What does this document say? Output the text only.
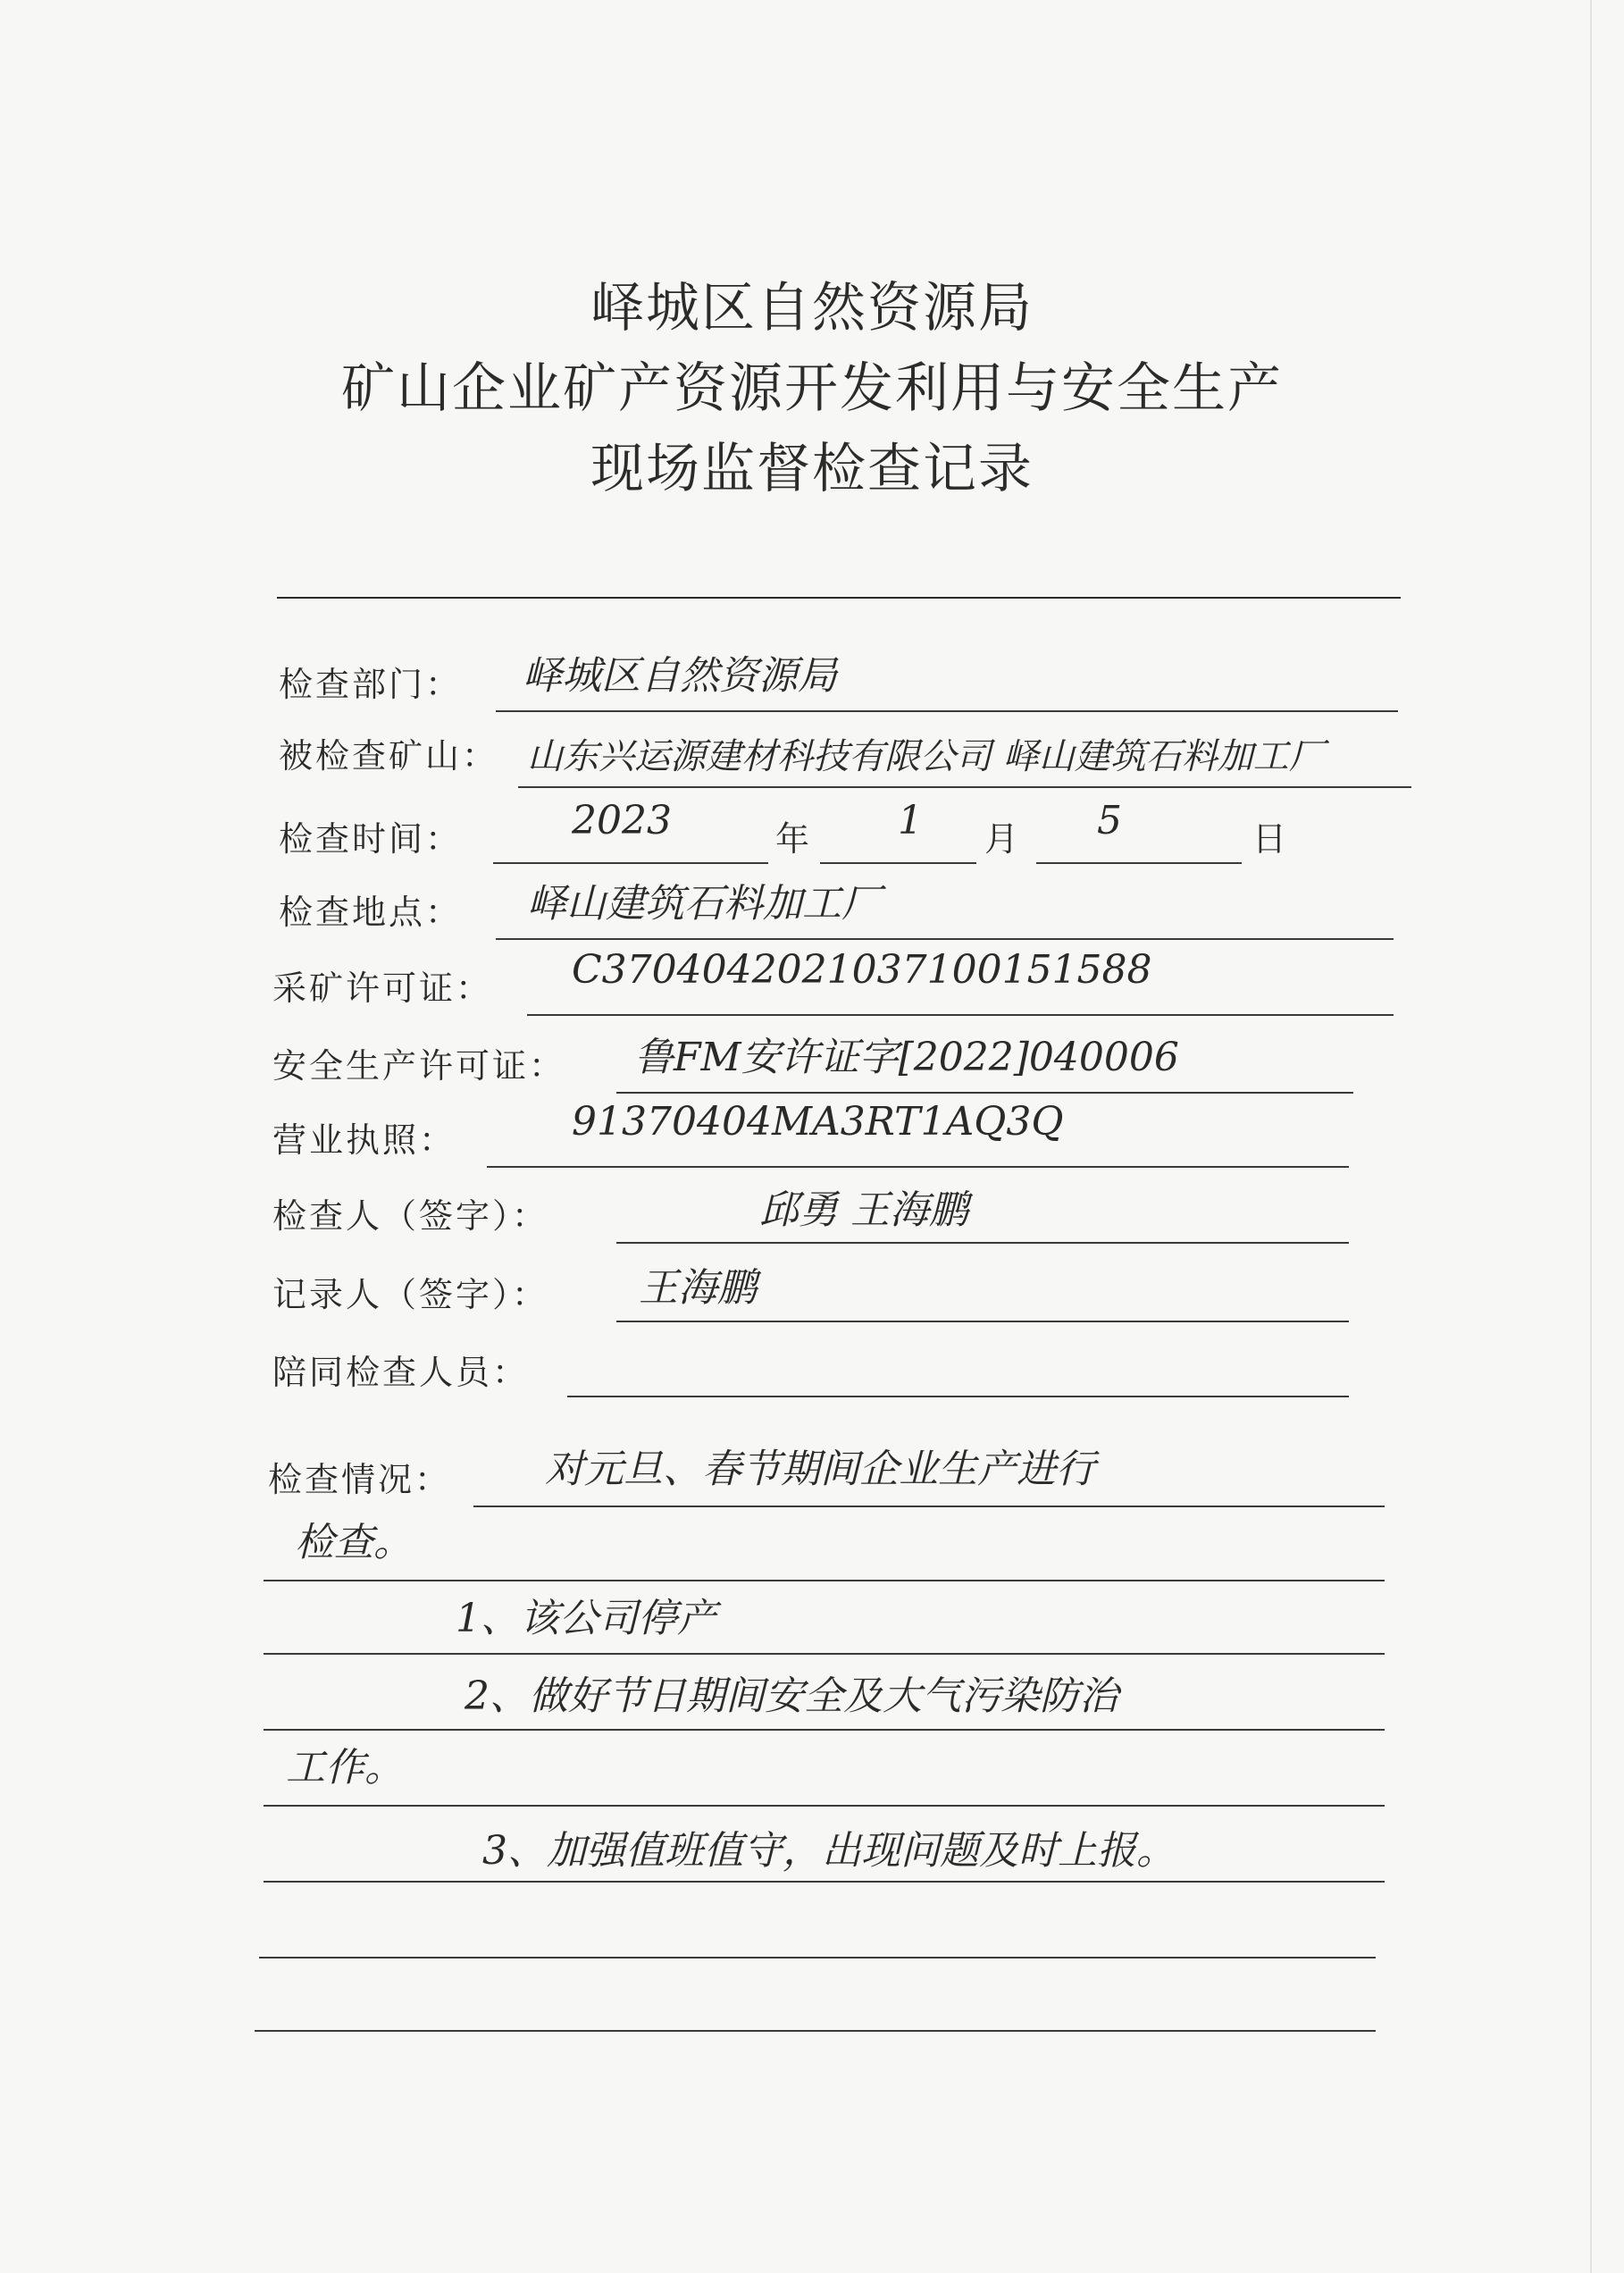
峄城区自然资源局
矿山企业矿产资源开发利用与安全生产
现场监督检查记录
检查部门： 峄城区自然资源局
被检查矿山： 山东兴运源建材科技有限公司 峄山建筑石料加工厂
检查时间：	2023	年 1 月 5	日
检查地点： 峄山建筑石料加工厂
采矿许可证： C3704042021037100151588
安全生产许可证： 鲁FM安许证字[2022]040006
营业执照：	91370404MA3RT1AQ3Q
检查人（签字）：	邱勇 王海鹏
记录人（签字）： 王海鹏
陪同检查人员：
检查情况： 对元旦、春节期间企业生产进行
检查。
1、该公司停产
2、做好节日期间安全及大气污染防治
工作。
3、加强值班值守，出现问题及时上报。
